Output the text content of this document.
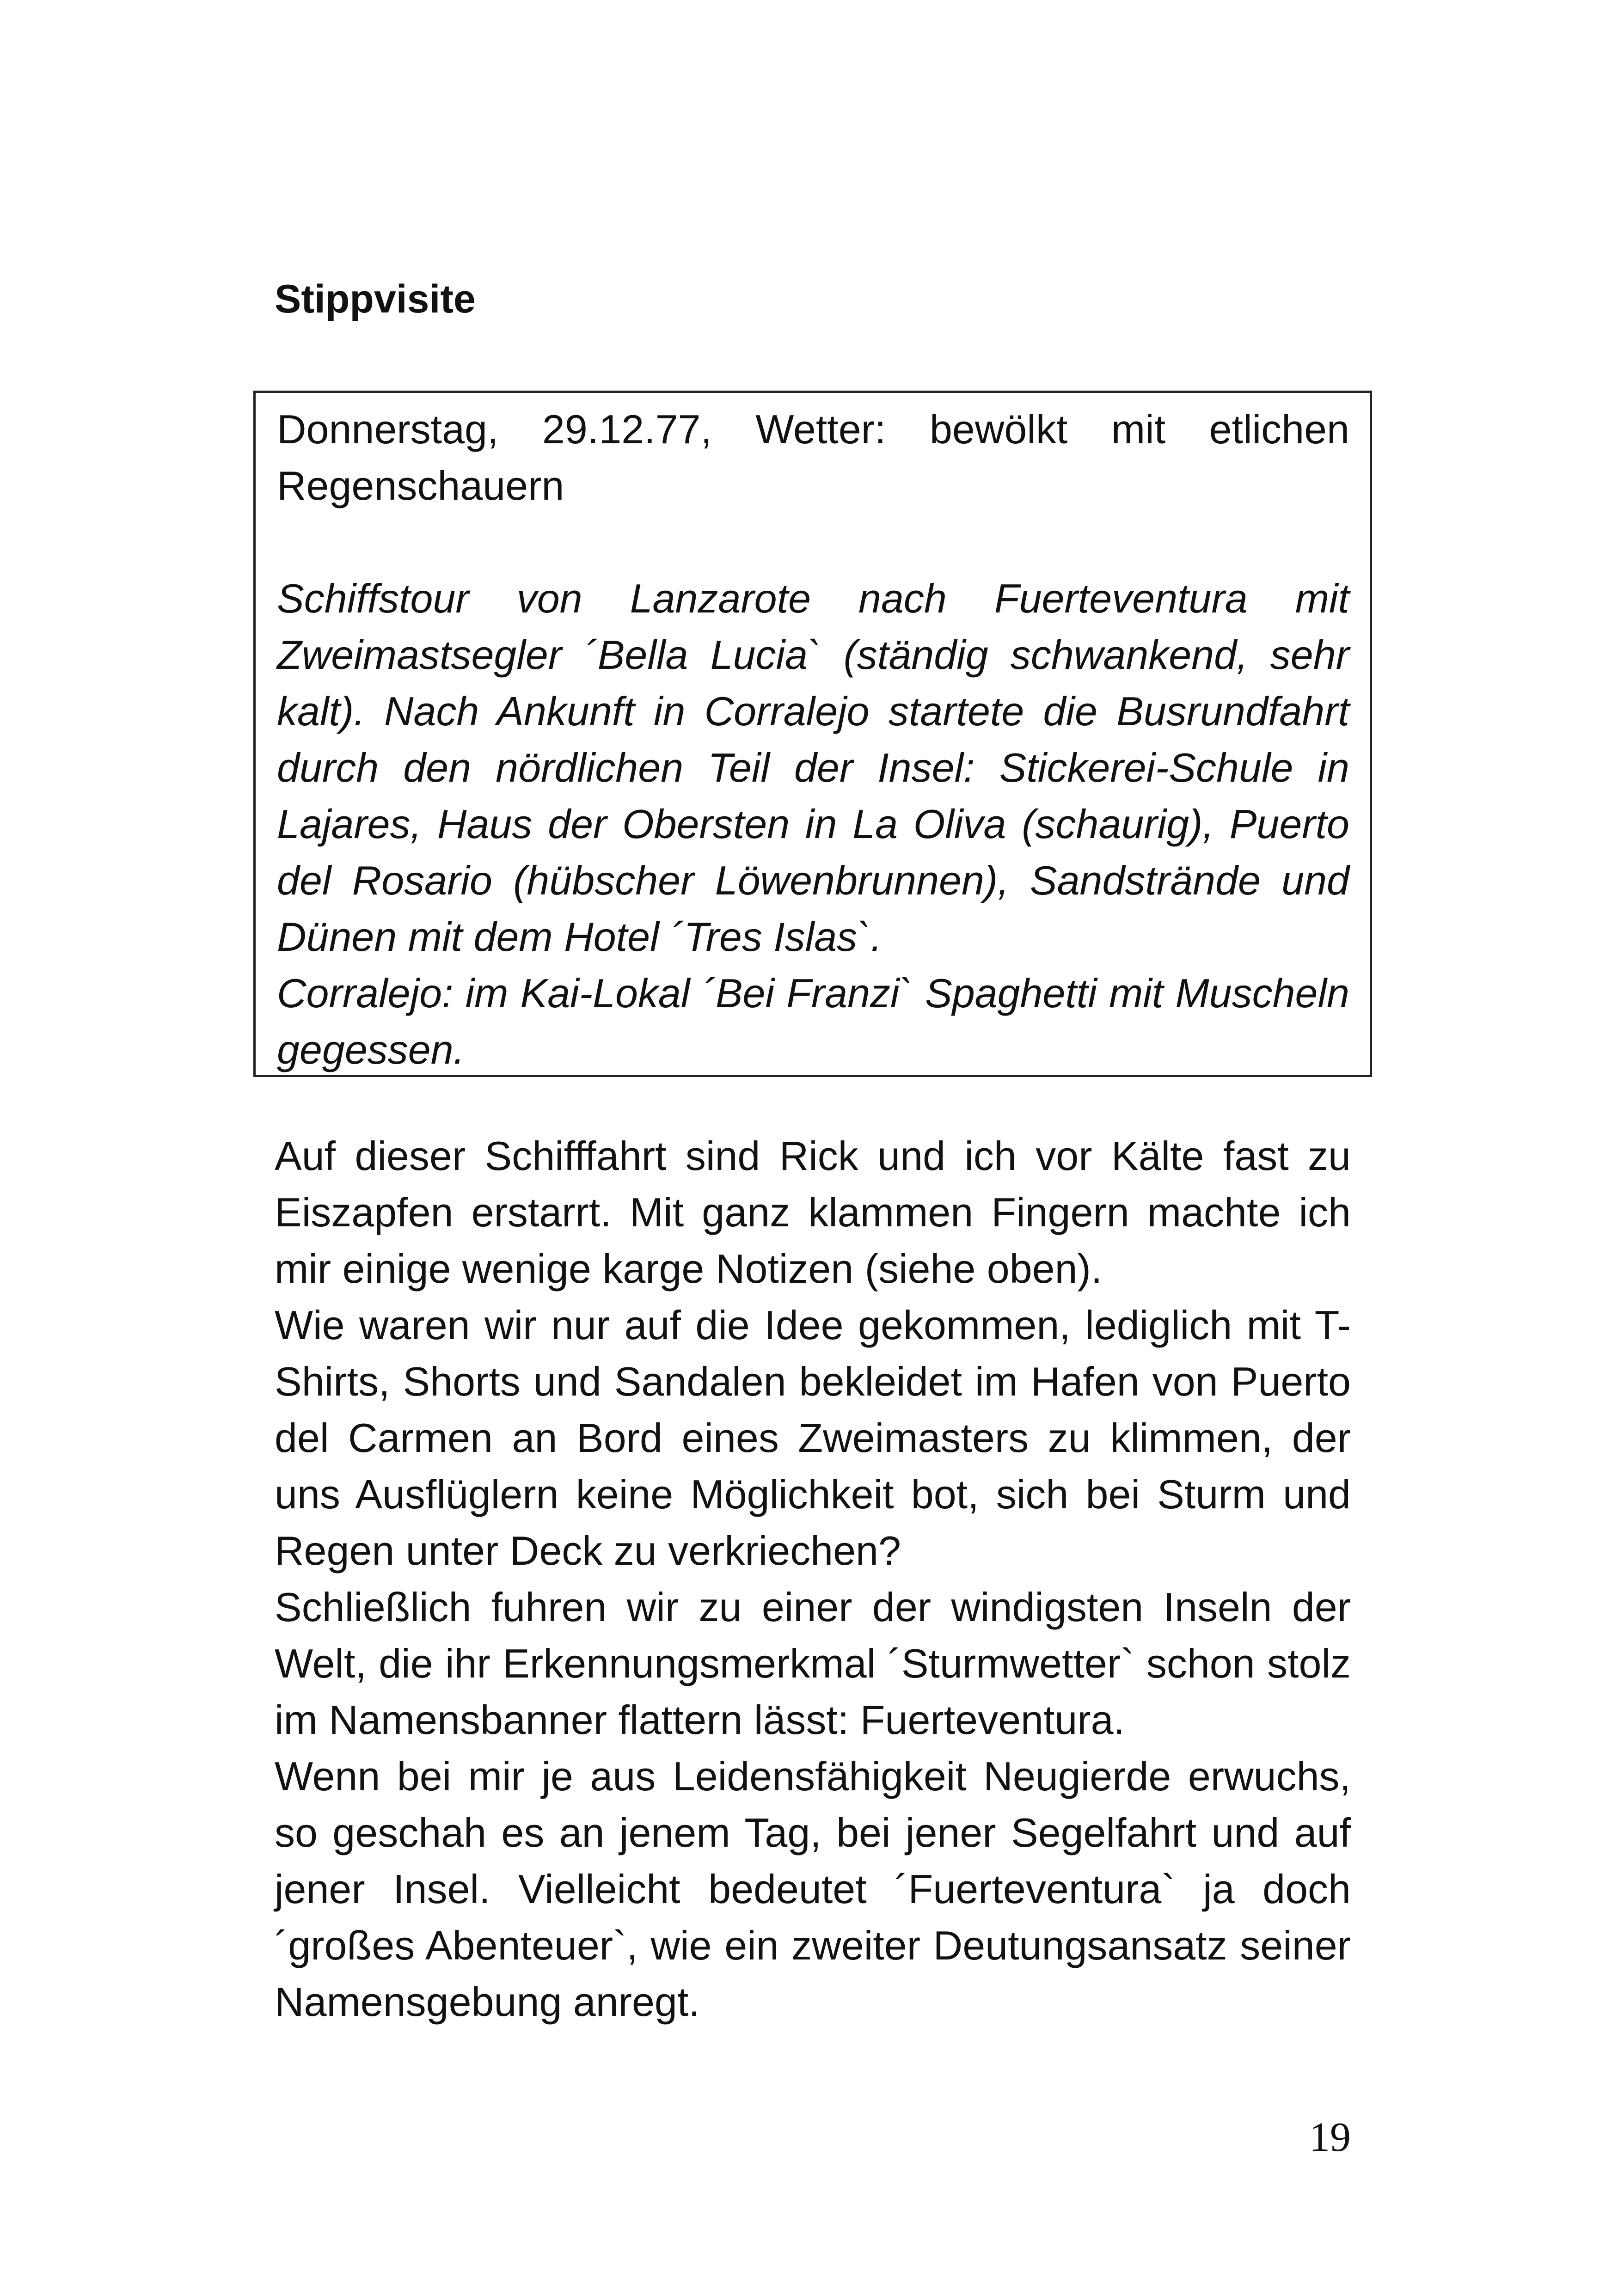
Stippvisite

Donnerstag, 29.12.77, Wetter: bewölkt mit etlichen Regenschauern

Schiffstour von Lanzarote nach Fuerteventura mit Zweimastsegler ´Bella Lucia` (ständig schwankend, sehr kalt). Nach Ankunft in Corralejo startete die Busrundfahrt durch den nördlichen Teil der Insel: Stickerei-Schule in Lajares, Haus der Obersten in La Oliva (schaurig), Puerto del Rosario (hübscher Löwenbrunnen), Sandstrände und Dünen mit dem Hotel ´Tres Islas`.
Corralejo: im Kai-Lokal ´Bei Franzi` Spaghetti mit Muscheln gegessen.

Auf dieser Schifffahrt sind Rick und ich vor Kälte fast zu Eiszapfen erstarrt. Mit ganz klammen Fingern machte ich mir einige wenige karge Notizen (siehe oben).

Wie waren wir nur auf die Idee gekommen, lediglich mit T-Shirts, Shorts und Sandalen bekleidet im Hafen von Puerto del Carmen an Bord eines Zweimasters zu klimmen, der uns Ausflüglern keine Möglichkeit bot, sich bei Sturm und Regen unter Deck zu verkriechen?

Schließlich fuhren wir zu einer der windigsten Inseln der Welt, die ihr Erkennungsmerkmal ´Sturmwetter` schon stolz im Namensbanner flattern lässt: Fuerteventura.

Wenn bei mir je aus Leidensfähigkeit Neugierde erwuchs, so geschah es an jenem Tag, bei jener Segelfahrt und auf jener Insel. Vielleicht bedeutet ´Fuerteventura` ja doch ´großes Abenteuer`, wie ein zweiter Deutungsansatz seiner Namensgebung anregt.

19
